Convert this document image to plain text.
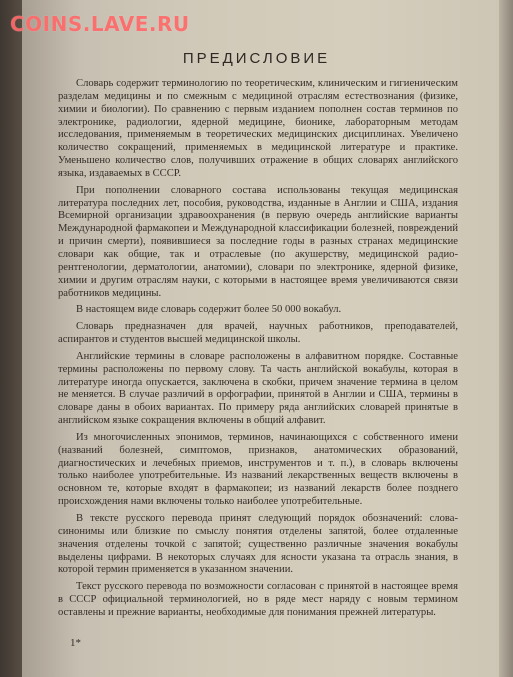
COINS.LAVE.RU
ПРЕДИСЛОВИЕ

Словарь содержит терминологию по теоретическим, клиническим и гигиеническим разделам медицины и по смежным с медициной отраслям естествознания (физике, химии и биологии). По сравнению с первым изданием пополнен состав терминов по электронике, радиологии, ядерной медицине, бионике, лабораторным методам исследования, применяемым в теоретических медицинских дисциплинах. Увеличено количество сокращений, применяемых в медицинской литературе и практике. Уменьшено количество слов, получивших отражение в общих словарях английского языка, издаваемых в СССР.

При пополнении словарного состава использованы текущая медицинская литература последних лет, пособия, руководства, изданные в Англии и США, издания Всемирной организации здравоохранения (в первую очередь английские варианты Международной фармакопеи и Международной классификации болезней, повреждений и причин смерти), появившиеся за последние годы в разных странах медицинские словари как общие, так и отраслевые (по акушерству, медицинской радио-рентгенологии, дерматологии, анатомии), словари по электронике, ядерной физике, химии и другим отраслям науки, с которыми в настоящее время увеличиваются связи работников медицины.

В настоящем виде словарь содержит более 50 000 вокабул.

Словарь предназначен для врачей, научных работников, преподавателей, аспирантов и студентов высшей медицинской школы.

Английские термины в словаре расположены в алфавитном порядке. Составные термины расположены по первому слову. Та часть английской вокабулы, которая в литературе иногда опускается, заключена в скобки, причем значение термина в целом не меняется. В случае различий в орфографии, принятой в Англии и США, термины в словаре даны в обоих вариантах. По примеру ряда английских словарей принятые в английском языке сокращения включены в общий алфавит.

Из многочисленных эпонимов, терминов, начинающихся с собственного имени (названий болезней, симптомов, признаков, анатомических образований, диагностических и лечебных приемов, инструментов и т. п.), в словарь включены только наиболее употребительные. Из названий лекарственных веществ включены в основном те, которые входят в фармакопеи; из названий лекарств более позднего происхождения нами включены только наиболее употребительные.

В тексте русского перевода принят следующий порядок обозначений: слова-синонимы или близкие по смыслу понятия отделены запятой, более отдаленные значения отделены точкой с запятой; существенно различные значения вокабулы выделены цифрами. В некоторых случаях для ясности указана та отрасль знания, в которой термин применяется в указанном значении.

Текст русского перевода по возможности согласован с принятой в настоящее время в СССР официальной терминологией, но в ряде мест наряду с новым термином оставлены и прежние варианты, необходимые для понимания прежней литературы.

1*
